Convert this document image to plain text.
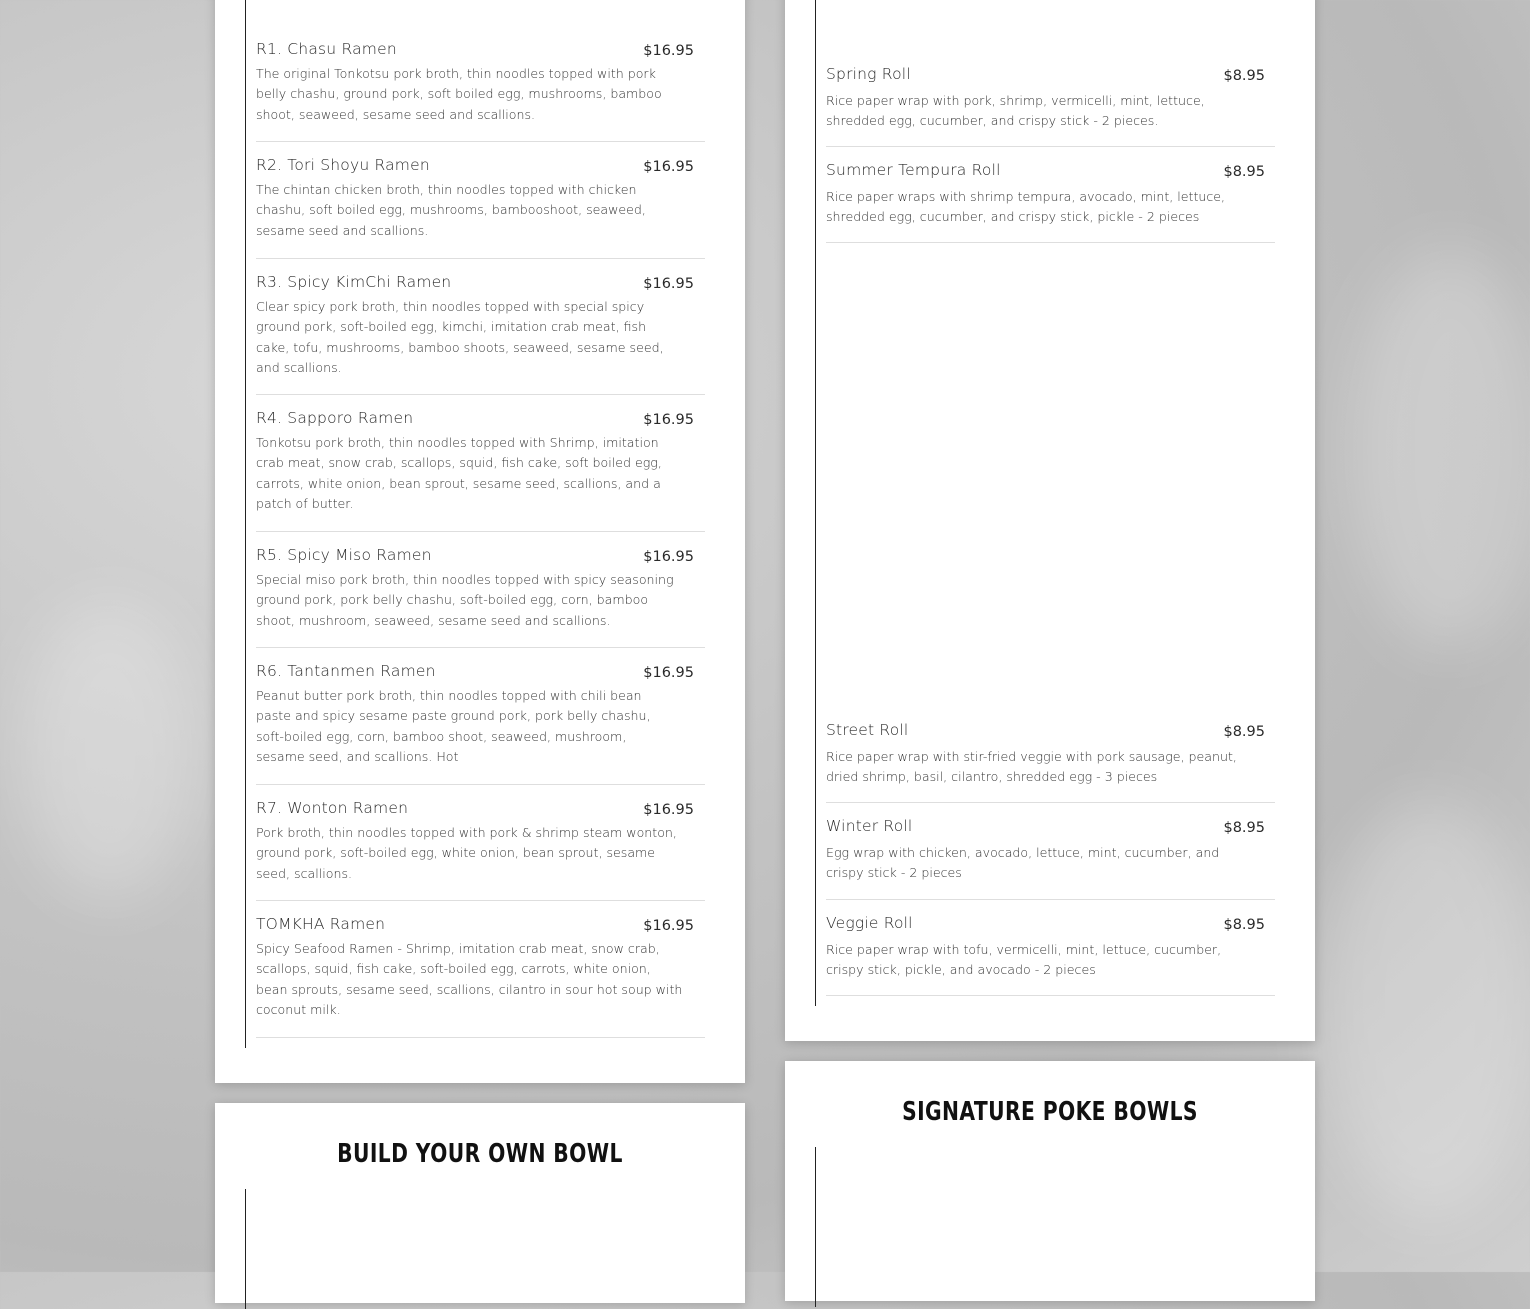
R1. Chasu Ramen	$16.95
The original Tonkotsu pork broth, thin noodles topped with pork belly chashu, ground pork, soft boiled egg, mushrooms, bamboo shoot, seaweed, sesame seed and scallions.
R2. Tori Shoyu Ramen	$16.95
The chintan chicken broth, thin noodles topped with chicken chashu, soft boiled egg, mushrooms, bambooshoot, seaweed, sesame seed and scallions.
R3. Spicy KimChi Ramen	$16.95
Clear spicy pork broth, thin noodles topped with special spicy ground pork, soft-boiled egg, kimchi, imitation crab meat, fish cake, tofu, mushrooms, bamboo shoots, seaweed, sesame seed, and scallions.
R4. Sapporo Ramen	$16.95
Tonkotsu pork broth, thin noodles topped with Shrimp, imitation crab meat, snow crab, scallops, squid, fish cake, soft boiled egg, carrots, white onion, bean sprout, sesame seed, scallions, and a patch of butter.
R5. Spicy Miso Ramen	$16.95
Special miso pork broth, thin noodles topped with spicy seasoning ground pork, pork belly chashu, soft-boiled egg, corn, bamboo shoot, mushroom, seaweed, sesame seed and scallions.
R6. Tantanmen Ramen	$16.95
Peanut butter pork broth, thin noodles topped with chili bean paste and spicy sesame paste ground pork, pork belly chashu, soft-boiled egg, corn, bamboo shoot, seaweed, mushroom, sesame seed, and scallions. Hot
R7. Wonton Ramen	$16.95
Pork broth, thin noodles topped with pork & shrimp steam wonton, ground pork, soft-boiled egg, white onion, bean sprout, sesame seed, scallions.
TOMKHA Ramen	$16.95
Spicy Seafood Ramen - Shrimp, imitation crab meat, snow crab, scallops, squid, fish cake, soft-boiled egg, carrots, white onion, bean sprouts, sesame seed, scallions, cilantro in sour hot soup with coconut milk.
BUILD YOUR OWN BOWL
Spring Roll	$8.95
Rice paper wrap with pork, shrimp, vermicelli, mint, lettuce, shredded egg, cucumber, and crispy stick - 2 pieces.
Summer Tempura Roll	$8.95
Rice paper wraps with shrimp tempura, avocado, mint, lettuce, shredded egg, cucumber, and crispy stick, pickle - 2 pieces
Street Roll	$8.95
Rice paper wrap with stir-fried veggie with pork sausage, peanut, dried shrimp, basil, cilantro, shredded egg - 3 pieces
Winter Roll	$8.95
Egg wrap with chicken, avocado, lettuce, mint, cucumber, and crispy stick - 2 pieces
Veggie Roll	$8.95
Rice paper wrap with tofu, vermicelli, mint, lettuce, cucumber, crispy stick, pickle, and avocado - 2 pieces
SIGNATURE POKE BOWLS
